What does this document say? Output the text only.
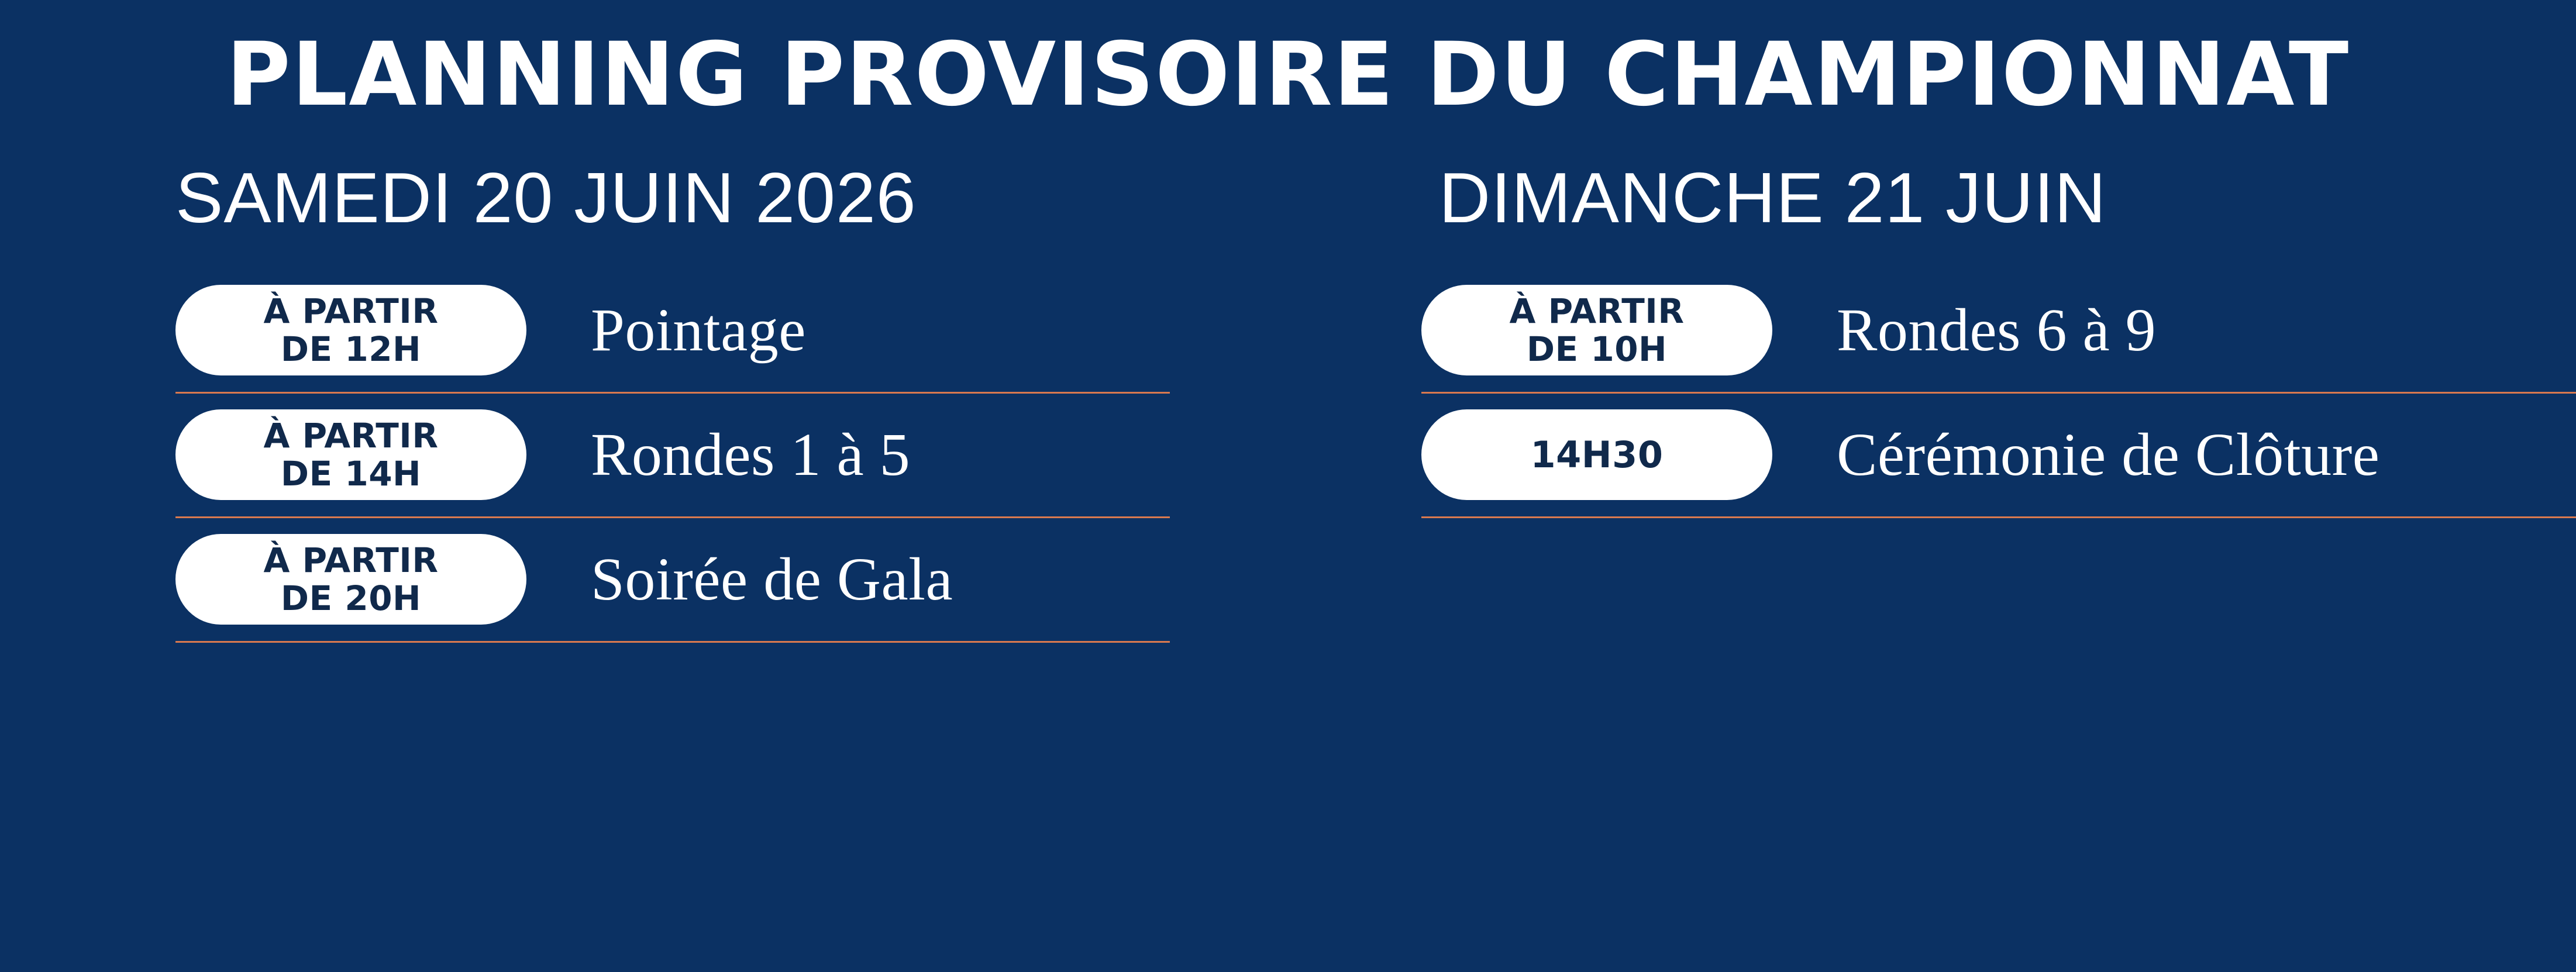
PLANNING PROVISOIRE DU CHAMPIONNAT
SAMEDI 20 JUIN 2026
À PARTIR
DE 12H	Pointage
À PARTIR
DE 14H	Rondes 1 à 5
À PARTIR
DE 20H	Soirée de Gala
DIMANCHE 21 JUIN
À PARTIR
DE 10H	Rondes 6 à 9
14H30	Cérémonie de Clôture
